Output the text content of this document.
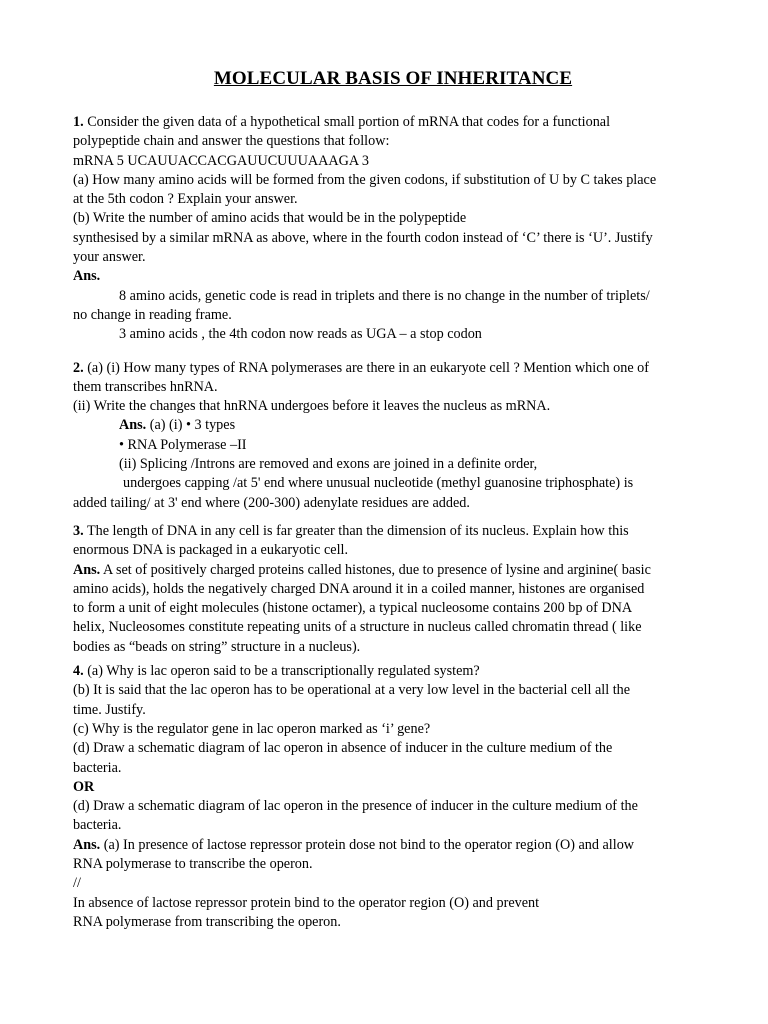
MOLECULAR BASIS OF INHERITANCE
1. Consider the given data of a hypothetical small portion of mRNA that codes for a functional
polypeptide chain and answer the questions that follow:
mRNA 5 UCAUUACCACGAUUCUUUAAAGA 3
(a) How many amino acids will be formed from the given codons, if substitution of U by C takes place
at the 5th codon ? Explain your answer.
(b) Write the number of amino acids that would be in the polypeptide
synthesised by a similar mRNA as above, where in the fourth codon instead of ‘C’ there is ‘U’. Justify
your answer.
Ans.
8 amino acids, genetic code is read in triplets and there is no change in the number of triplets/
no change in reading frame.
3 amino acids , the 4th codon now reads as UGA – a stop codon
2. (a) (i) How many types of RNA polymerases are there in an eukaryote cell ? Mention which one of
them transcribes hnRNA.
(ii) Write the changes that hnRNA undergoes before it leaves the nucleus as mRNA.
Ans. (a) (i) • 3 types
• RNA Polymerase –II
(ii) Splicing /Introns are removed and exons are joined in a definite order,
undergoes capping /at 5' end where unusual nucleotide (methyl guanosine triphosphate) is
added tailing/ at 3' end where (200-300) adenylate residues are added.
3. The length of DNA in any cell is far greater than the dimension of its nucleus. Explain how this
enormous DNA is packaged in a eukaryotic cell.
Ans. A set of positively charged proteins called histones, due to presence of lysine and arginine( basic
amino acids), holds the negatively charged DNA around it in a coiled manner, histones are organised
to form a unit of eight molecules (histone octamer), a typical nucleosome contains 200 bp of DNA
helix, Nucleosomes constitute repeating units of a structure in nucleus called chromatin thread ( like
bodies as “beads on string” structure in a nucleus).
4. (a) Why is lac operon said to be a transcriptionally regulated system?
(b) It is said that the lac operon has to be operational at a very low level in the bacterial cell all the
time. Justify.
(c) Why is the regulator gene in lac operon marked as ‘i’ gene?
(d) Draw a schematic diagram of lac operon in absence of inducer in the culture medium of the
bacteria.
OR
(d) Draw a schematic diagram of lac operon in the presence of inducer in the culture medium of the
bacteria.
Ans. (a) In presence of lactose repressor protein dose not bind to the operator region (O) and allow
RNA polymerase to transcribe the operon.
//
In absence of lactose repressor protein bind to the operator region (O) and prevent
RNA polymerase from transcribing the operon.
